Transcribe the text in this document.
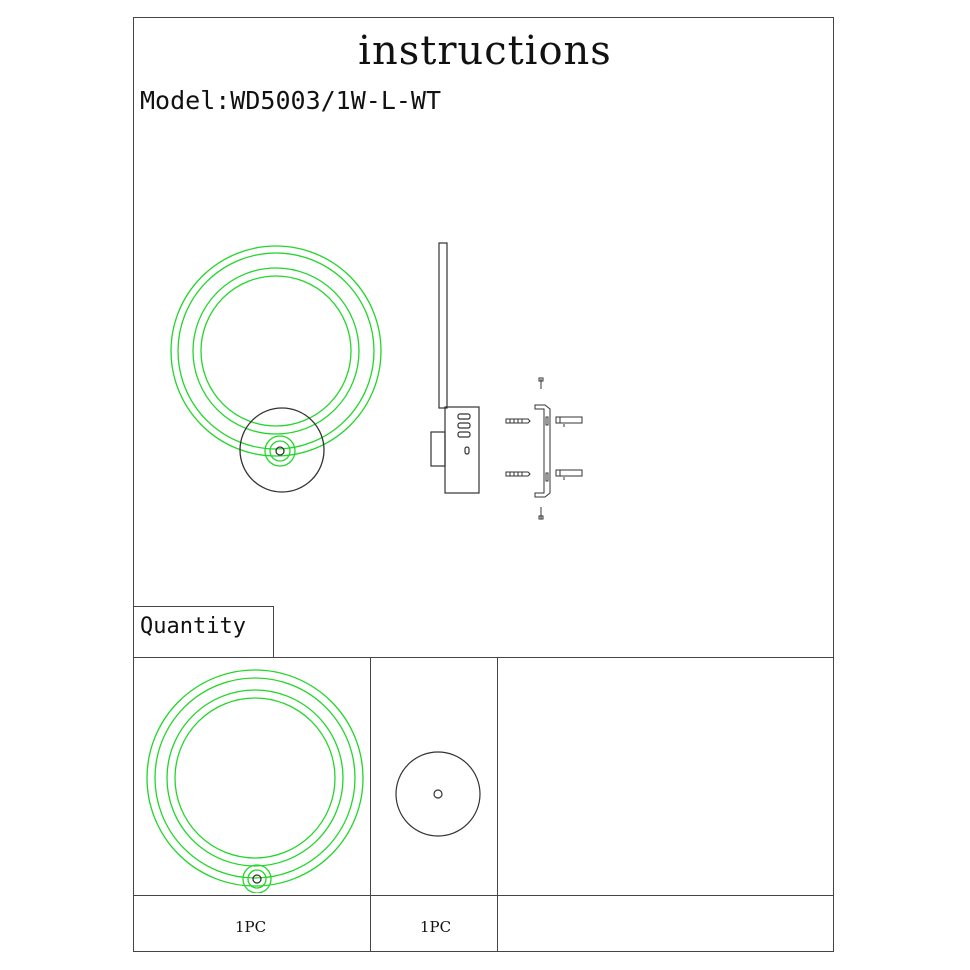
instructions
Model:WD5003/1W-L-WT
Quantity
1PC	1PC
